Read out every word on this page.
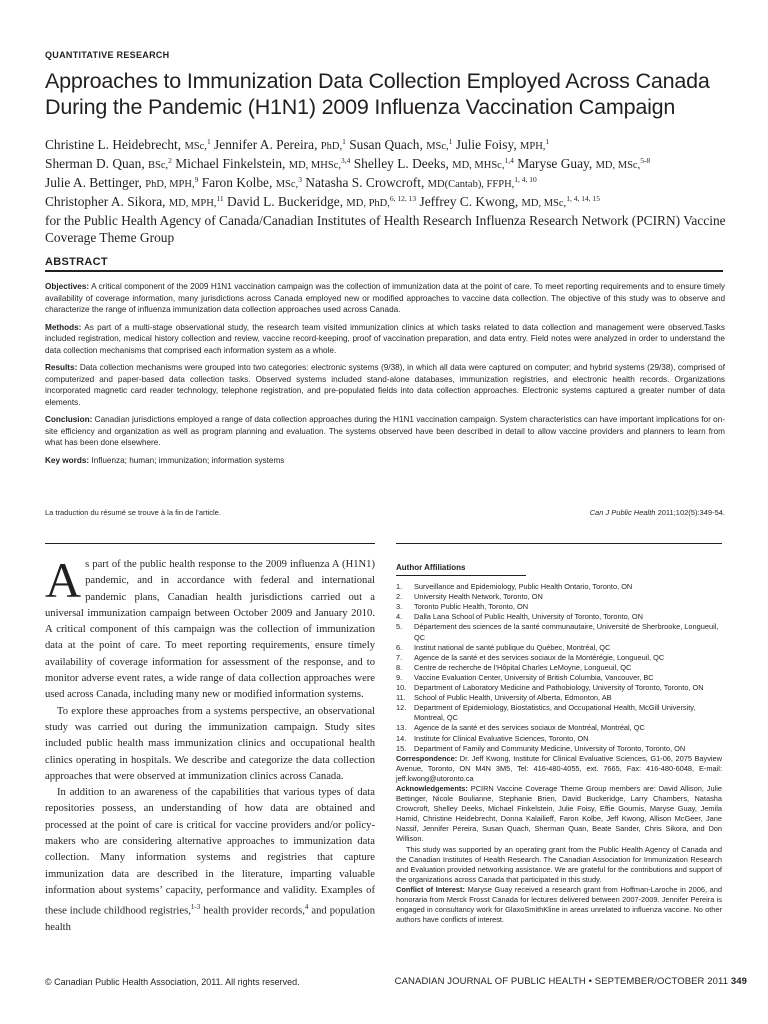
QUANTITATIVE RESEARCH
Approaches to Immunization Data Collection Employed Across Canada During the Pandemic (H1N1) 2009 Influenza Vaccination Campaign
Christine L. Heidebrecht, MSc,$^1$ Jennifer A. Pereira, PhD,$^1$ Susan Quach, MSc,$^1$ Julie Foisy, MPH,$^1$
Sherman D. Quan, BSc,$^2$ Michael Finkelstein, MD, MHSc,$^{3,4}$ Shelley L. Deeks, MD, MHSc,$^{1,4}$ Maryse Guay, MD, MSc,$^{5-8}$
Julie A. Bettinger, PhD, MPH,$^9$ Faron Kolbe, MSc,$^3$ Natasha S. Crowcroft, MD(Cantab), FFPH,$^{1, 4, 10}$
Christopher A. Sikora, MD, MPH,$^{11}$ David L. Buckeridge, MD, PhD,$^{6, 12, 13}$ Jeffrey C. Kwong, MD, MSc,$^{1, 4, 14, 15}$
for the Public Health Agency of Canada/Canadian Institutes of Health Research Influenza Research Network (PCIRN) Vaccine Coverage Theme Group
ABSTRACT

Objectives: A critical component of the 2009 H1N1 vaccination campaign was the collection of immunization data at the point of care. To meet reporting requirements and to ensure timely availability of coverage information, many jurisdictions across Canada employed new or modified approaches to vaccine data collection. The objective of this study was to observe and characterize the range of influenza immunization data collection approaches used across Canada.

Methods: As part of a multi-stage observational study, the research team visited immunization clinics at which tasks related to data collection and management were observed.Tasks included registration, medical history collection and review, vaccine record-keeping, proof of vaccination preparation, and data entry. Field notes were analyzed in order to understand the data collection mechanisms that comprised each information system as a whole.

Results: Data collection mechanisms were grouped into two categories: electronic systems (9/38), in which all data were captured on computer; and hybrid systems (29/38), comprised of computerized and paper-based data collection tasks. Observed systems included stand-alone databases, immunization registries, and electronic health records. Organizations incorporated magnetic card reader technology, telephone registration, and pre-populated fields into data collection approaches. Electronic systems captured a greater number of data elements.

Conclusion: Canadian jurisdictions employed a range of data collection approaches during the H1N1 vaccination campaign. System characteristics can have important implications for on-site efficiency and organization as well as program planning and evaluation. The systems observed have been described in detail to allow vaccine providers and planners to learn from what has been done elsewhere.

Key words: Influenza; human; immunization; information systems

La traduction du résumé se trouve à la fin de l’article.	Can J Public Health 2011;102(5):349-54.

As part of the public health response to the 2009 influenza A (H1N1) pandemic, and in accordance with federal and international pandemic plans, Canadian health jurisdictions carried out a universal immunization campaign between October 2009 and January 2010. A critical component of this campaign was the collection of immunization data at the point of care. To meet reporting requirements, ensure timely availability of coverage information for assessment of the response, and to monitor adverse event rates, a wide range of data collection approaches were used across Canada, including many new or modified information systems.

To explore these approaches from a systems perspective, an observational study was carried out during the immunization campaign. Study sites included public health mass immunization clinics and occupational health clinics operating in hospitals. We describe and categorize the data collection approaches that were observed at immunization clinics across Canada.

In addition to an awareness of the capabilities that various types of data repositories possess, an understanding of how data are obtained and processed at the point of care is critical for vaccine providers and/or policy-makers who are considering alternative approaches to immunization data collection. Many information systems and registries that capture immunization data are described in the literature, imparting valuable information about systems’ capacity, performance and validity. Examples of these include childhood registries,$^{1-3}$ health provider records,$^4$ and population health

Author Affiliations
1. Surveillance and Epidemiology, Public Health Ontario, Toronto, ON
2. University Health Network, Toronto, ON
3. Toronto Public Health, Toronto, ON
4. Dalla Lana School of Public Health, University of Toronto, Toronto, ON
5. Département des sciences de la santé communautaire, Université de Sherbrooke, Longueuil, QC
6. Institut national de santé publique du Québec, Montréal, QC
7. Agence de la santé et des services sociaux de la Montérégie, Longueuil, QC
8. Centre de recherche de l’Hôpital Charles LeMoyne, Longueuil, QC
9. Vaccine Evaluation Center, University of British Columbia, Vancouver, BC
10. Department of Laboratory Medicine and Pathobiology, University of Toronto, Toronto, ON
11. School of Public Health, University of Alberta, Edmonton, AB
12. Department of Epidemiology, Biostatistics, and Occupational Health, McGill University, Montreal, QC
13. Agence de la santé et des services sociaux de Montréal, Montréal, QC
14. Institute for Clinical Evaluative Sciences, Toronto, ON
15. Department of Family and Community Medicine, University of Toronto, Toronto, ON

Correspondence: Dr. Jeff Kwong, Institute for Clinical Evaluative Sciences, G1-06, 2075 Bayview Avenue, Toronto, ON M4N 3M5, Tel: 416-480-4055, ext. 7665, Fax: 416-480-6048, E-mail: jeff.kwong@utoronto.ca

Acknowledgements: PCIRN Vaccine Coverage Theme Group members are: David Allison, Julie Bettinger, Nicole Boulianne, Stephanie Brien, David Buckeridge, Larry Chambers, Natasha Crowcroft, Shelley Deeks, Michael Finkelstein, Julie Foisy, Effie Gournis, Maryse Guay, Jemila Hamid, Christine Heidebrecht, Donna Kalailieff, Faron Kolbe, Jeff Kwong, Allison McGeer, Jane Nassif, Jennifer Pereira, Susan Quach, Sherman Quan, Beate Sander, Chris Sikora, and Don Willison.

This study was supported by an operating grant from the Public Health Agency of Canada and the Canadian Institutes of Health Research. The Canadian Association for Immunization Research and Evaluation provided networking assistance. We are grateful for the contributions and support of the organizations across Canada that participated in this study.

Conflict of Interest: Maryse Guay received a research grant from Hoffman-Laroche in 2006, and honoraria from Merck Frosst Canada for lectures delivered between 2007-2009. Jennifer Pereira is engaged in consultancy work for GlaxoSmithKline in areas unrelated to influenza vaccine. No other authors have conflicts of interest.

© Canadian Public Health Association, 2011. All rights reserved.	CANADIAN JOURNAL OF PUBLIC HEALTH • SEPTEMBER/OCTOBER 2011 349
